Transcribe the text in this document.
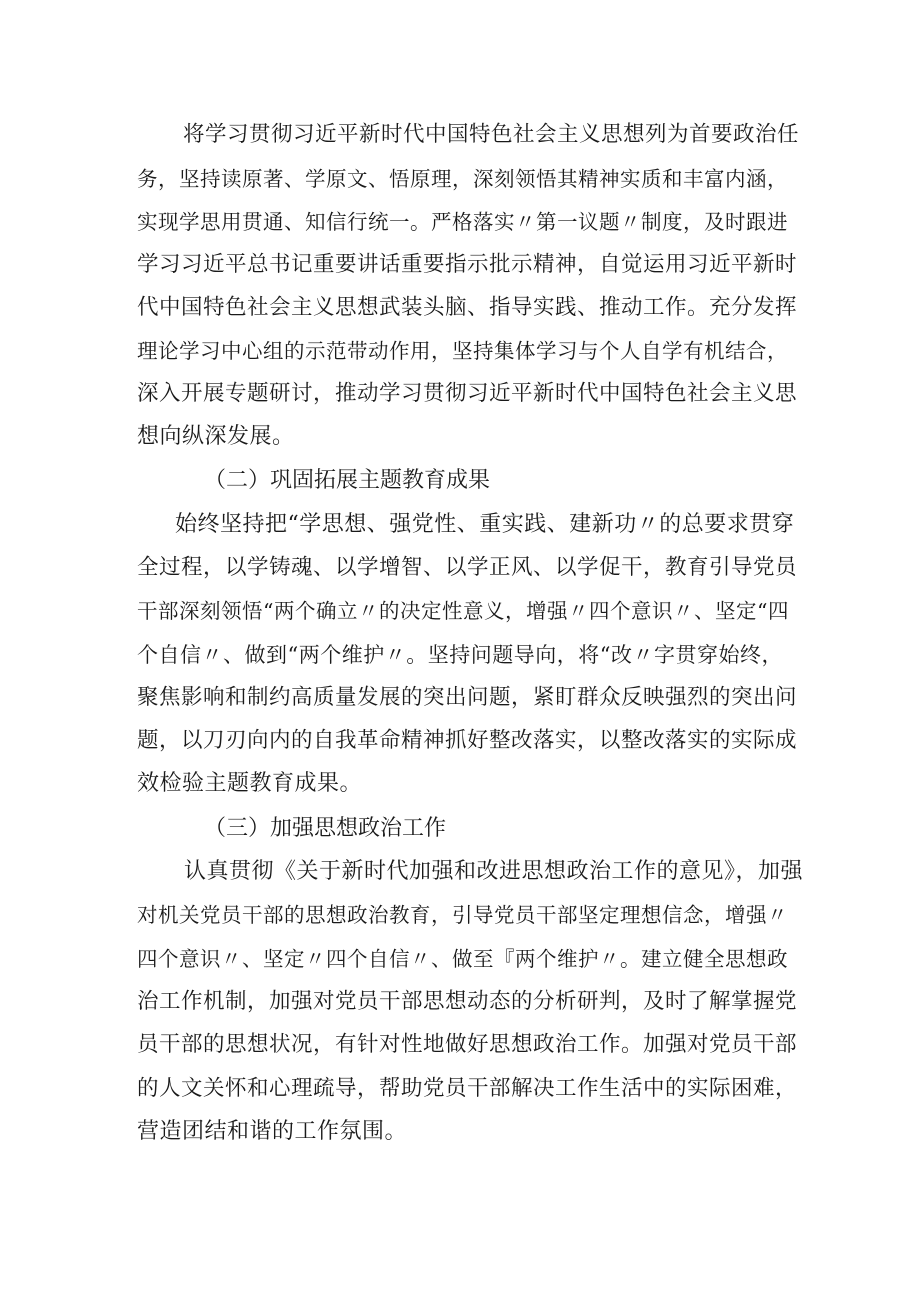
将学习贯彻习近平新时代中国特色社会主义思想列为首要政治任
务，坚持读原著、学原文、悟原理，深刻领悟其精神实质和丰富内涵，
实现学思用贯通、知信行统一。严格落实〃第一议题〃制度，及时跟进
学习习近平总书记重要讲话重要指示批示精神，自觉运用习近平新时
代中国特色社会主义思想武装头脑、指导实践、推动工作。充分发挥
理论学习中心组的示范带动作用，坚持集体学习与个人自学有机结合，
深入开展专题研讨，推动学习贯彻习近平新时代中国特色社会主义思
想向纵深发展。
（二）巩固拓展主题教育成果
始终坚持把“学思想、强党性、重实践、建新功〃的总要求贯穿
全过程，以学铸魂、以学增智、以学正风、以学促干，教育引导党员
干部深刻领悟“两个确立〃的决定性意义，增强〃四个意识〃、坚定“四
个自信〃、做到“两个维护〃。坚持问题导向，将“改〃字贯穿始终，
聚焦影响和制约高质量发展的突出问题，紧盯群众反映强烈的突出问
题，以刀刃向内的自我革命精神抓好整改落实，以整改落实的实际成
效检验主题教育成果。
（三）加强思想政治工作
认真贯彻《关于新时代加强和改进思想政治工作的意见》，加强
对机关党员干部的思想政治教育，引导党员干部坚定理想信念，增强〃
四个意识〃、坚定〃四个自信〃、做至『两个维护〃。建立健全思想政
治工作机制，加强对党员干部思想动态的分析研判，及时了解掌握党
员干部的思想状况，有针对性地做好思想政治工作。加强对党员干部
的人文关怀和心理疏导，帮助党员干部解决工作生活中的实际困难，
营造团结和谐的工作氛围。
